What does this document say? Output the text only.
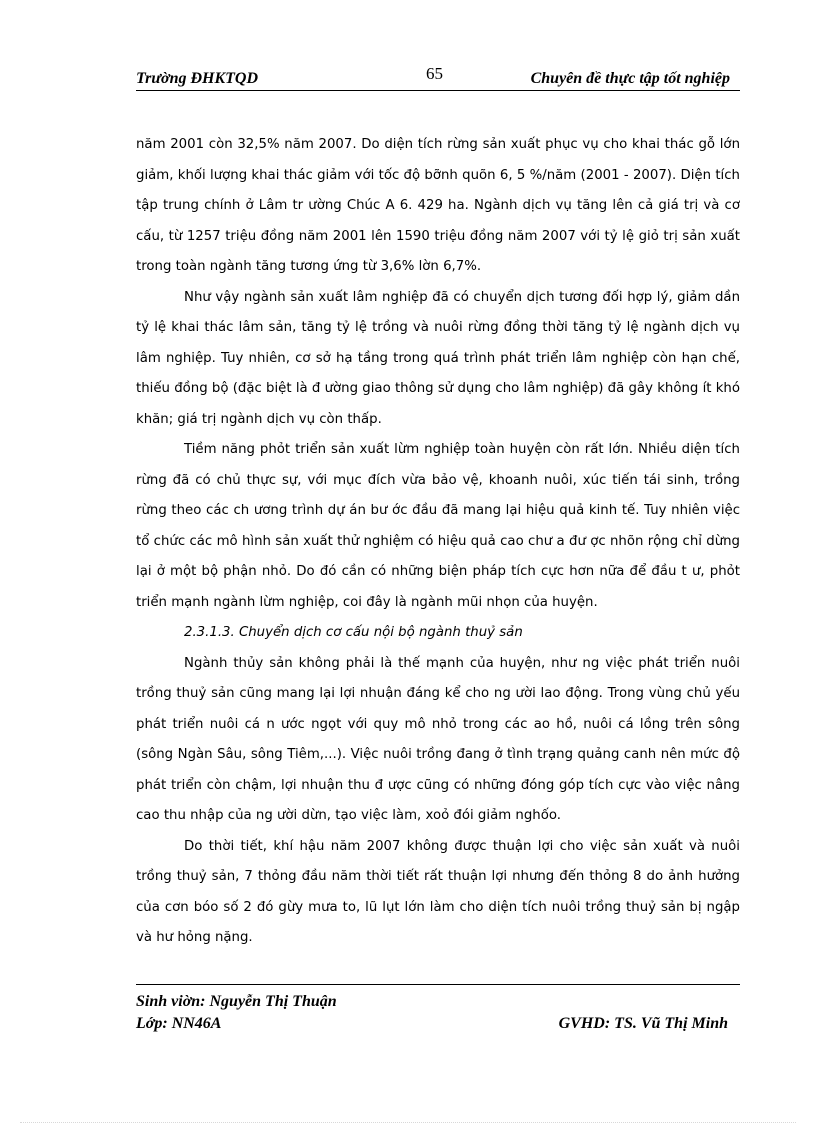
Trường ĐHKTQD	65	Chuyên đề thực tập tốt nghiệp

năm 2001 còn 32,5% năm 2007. Do diện tích rừng sản xuất phục vụ cho khai thác gỗ lớn giảm, khối lượng khai thác giảm với tốc độ bỡnh quõn 6, 5 %/năm (2001 - 2007). Diện tích tập trung chính ở Lâm tr ường Chúc A 6. 429 ha. Ngành dịch vụ tăng lên cả giá trị và cơ cấu, từ 1257 triệu đồng năm 2001 lên 1590 triệu đồng năm 2007 với tỷ lệ giỏ trị sản xuất trong toàn ngành tăng tương ứng từ 3,6% lờn 6,7%.

Như vậy ngành sản xuất lâm nghiệp đã có chuyển dịch tương đối hợp lý, giảm dần tỷ lệ khai thác lâm sản, tăng tỷ lệ trồng và nuôi rừng đồng thời tăng tỷ lệ ngành dịch vụ lâm nghiệp. Tuy nhiên, cơ sở hạ tầng trong quá trình phát triển lâm nghiệp còn hạn chế, thiếu đồng bộ (đặc biệt là đ ường giao thông sử dụng cho lâm nghiệp) đã gây không ít khó khăn; giá trị ngành dịch vụ còn thấp.

Tiềm năng phỏt triển sản xuất lừm nghiệp toàn huyện còn rất lớn. Nhiều diện tích rừng đã có chủ thực sự, với mục đích vừa bảo vệ, khoanh nuôi, xúc tiến tái sinh, trồng rừng theo các ch ương trình dự án bư ớc đầu đã mang lại hiệu quả kinh tế. Tuy nhiên việc tổ chức các mô hình sản xuất thử nghiệm có hiệu quả cao chư a đư ợc nhõn rộng chỉ dừng lại ở một bộ phận nhỏ. Do đó cần có những biện pháp tích cực hơn nữa để đầu t ư, phỏt triển mạnh ngành lừm nghiệp, coi đây là ngành mũi nhọn của huyện.

2.3.1.3. Chuyển dịch cơ cấu nội bộ ngành thuỷ sản

Ngành thủy sản không phải là thế mạnh của huyện, như ng việc phát triển nuôi trồng thuỷ sản cũng mang lại lợi nhuận đáng kể cho ng ười lao động. Trong vùng chủ yếu phát triển nuôi cá n ước ngọt với quy mô nhỏ trong các ao hồ, nuôi cá lồng trên sông (sông Ngàn Sâu, sông Tiêm,...). Việc nuôi trồng đang ở tình trạng quảng canh nên mức độ phát triển còn chậm, lợi nhuận thu đ ược cũng có những đóng góp tích cực vào việc nâng cao thu nhập của ng ười dừn, tạo việc làm, xoỏ đói giảm nghốo.

Do thời tiết, khí hậu năm 2007 không được thuận lợi cho việc sản xuất và nuôi trồng thuỷ sản, 7 thỏng đầu năm thời tiết rất thuận lợi nhưng đến thỏng 8 do ảnh hưởng của cơn bóo số 2 đó gừy mưa to, lũ lụt lớn làm cho diện tích nuôi trồng thuỷ sản bị ngập và hư hỏng nặng.

Sinh viờn: Nguyễn Thị Thuận
Lớp: NN46A	GVHD: TS. Vũ Thị Minh
